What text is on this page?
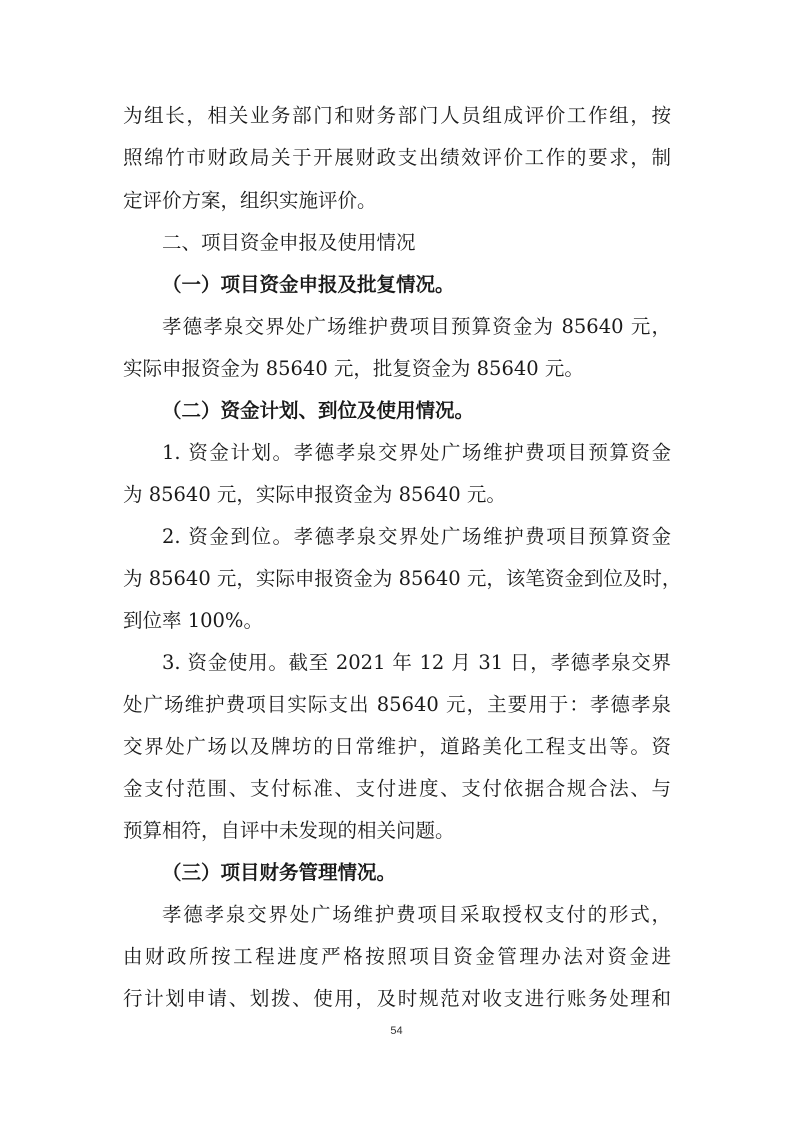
为组长，相关业务部门和财务部门人员组成评价工作组，按
照绵竹市财政局关于开展财政支出绩效评价工作的要求，制
定评价方案，组织实施评价。
二、项目资金申报及使用情况
（一）项目资金申报及批复情况。
孝德孝泉交界处广场维护费项目预算资金为 85640 元，
实际申报资金为 85640 元，批复资金为 85640 元。
（二）资金计划、到位及使用情况。
1. 资金计划。孝德孝泉交界处广场维护费项目预算资金
为 85640 元，实际申报资金为 85640 元。
2. 资金到位。孝德孝泉交界处广场维护费项目预算资金
为 85640 元，实际申报资金为 85640 元，该笔资金到位及时，
到位率 100%。
3. 资金使用。截至 2021 年 12 月 31 日，孝德孝泉交界
处广场维护费项目实际支出 85640 元，主要用于：孝德孝泉
交界处广场以及牌坊的日常维护，道路美化工程支出等。资
金支付范围、支付标准、支付进度、支付依据合规合法、与
预算相符，自评中未发现的相关问题。
（三）项目财务管理情况。
孝德孝泉交界处广场维护费项目采取授权支付的形式，
由财政所按工程进度严格按照项目资金管理办法对资金进
行计划申请、划拨、使用，及时规范对收支进行账务处理和
54
